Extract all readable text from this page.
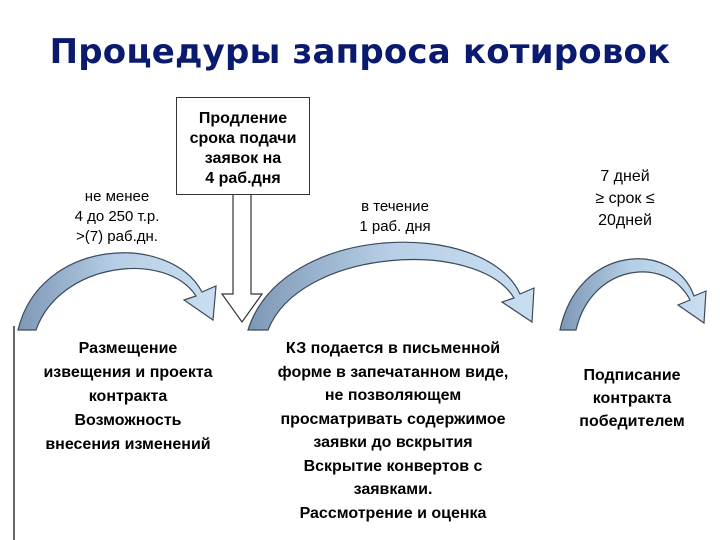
Процедуры запроса котировок
Продление
срока подачи
заявок на
4 раб.дня
не менее
4 до 250 т.р.
>(7) раб.дн.
в течение
1 раб. дня
7 дней
≥ срок ≤
20дней
Размещение
извещения и проекта
контракта
Возможность
внесения изменений
КЗ подается в письменной
форме в запечатанном виде,
не позволяющем
просматривать содержимое
заявки до вскрытия
Вскрытие конвертов с
заявками.
Рассмотрение и оценка
Подписание
контракта
победителем
